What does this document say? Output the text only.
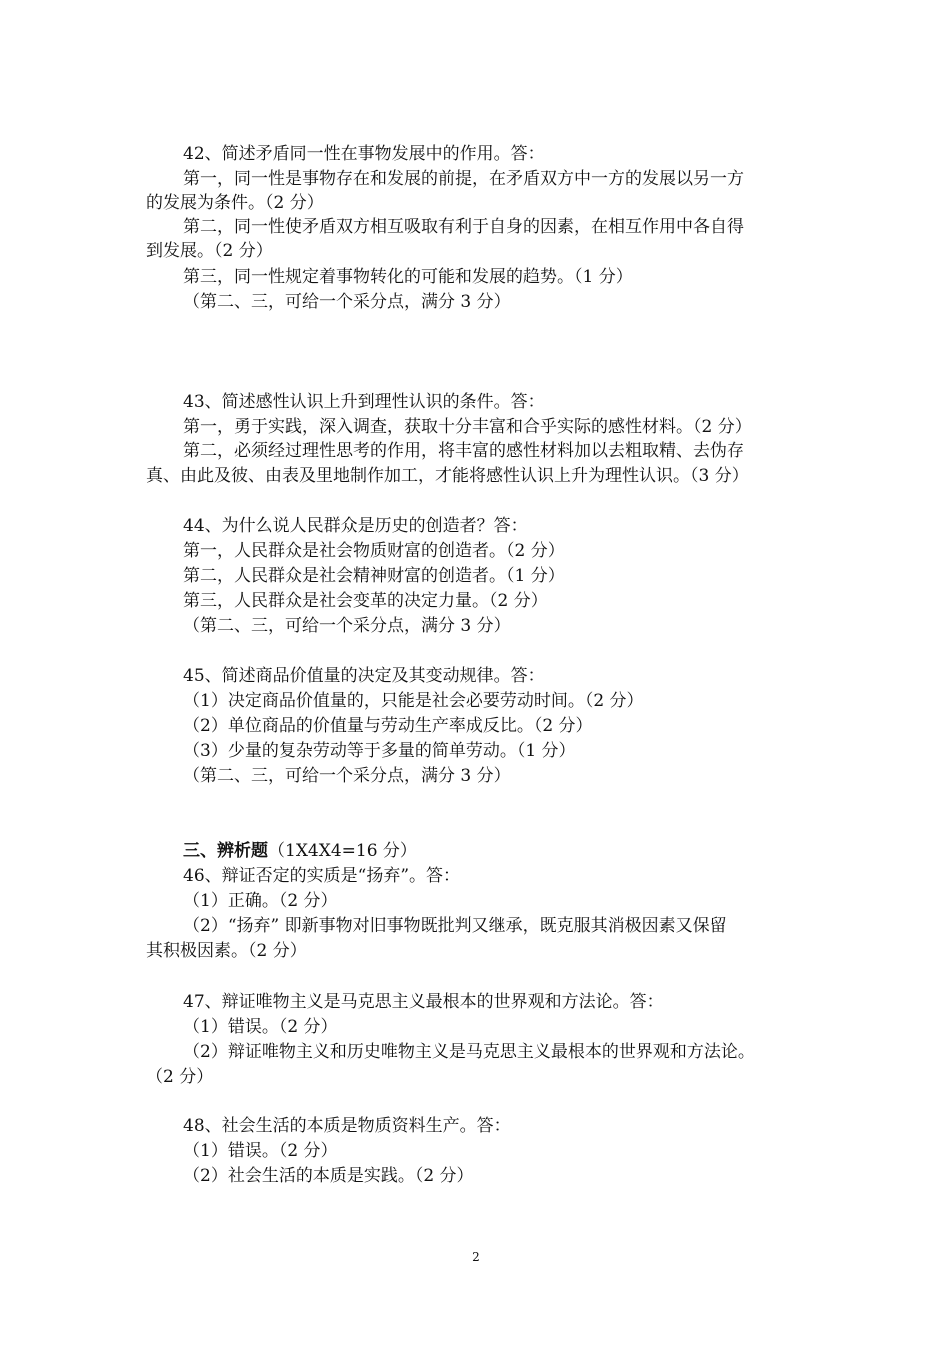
42、简述矛盾同一性在事物发展中的作用。答：
第一，同一性是事物存在和发展的前提，在矛盾双方中一方的发展以另一方
的发展为条件。（2 分）
第二，同一性使矛盾双方相互吸取有利于自身的因素，在相互作用中各自得
到发展。（2 分）
第三，同一性规定着事物转化的可能和发展的趋势。（1 分）
（第二、三，可给一个采分点，满分 3 分）
43、简述感性认识上升到理性认识的条件。答：
第一，勇于实践，深入调查，获取十分丰富和合乎实际的感性材料。（2 分）
第二，必须经过理性思考的作用，将丰富的感性材料加以去粗取精、去伪存
真、由此及彼、由表及里地制作加工，才能将感性认识上升为理性认识。（3 分）
44、为什么说人民群众是历史的创造者？答：
第一，人民群众是社会物质财富的创造者。（2 分）
第二，人民群众是社会精神财富的创造者。（1 分）
第三，人民群众是社会变革的决定力量。（2 分）
（第二、三，可给一个采分点，满分 3 分）
45、简述商品价值量的决定及其变动规律。答：
（1）决定商品价值量的，只能是社会必要劳动时间。（2 分）
（2）单位商品的价值量与劳动生产率成反比。（2 分）
（3）少量的复杂劳动等于多量的简单劳动。（1 分）
（第二、三，可给一个采分点，满分 3 分）
三、辨析题（1X4X4=16 分）
46、辩证否定的实质是“扬弃”。答：
（1）正确。（2 分）
（2）“扬弃” 即新事物对旧事物既批判又继承，既克服其消极因素又保留
其积极因素。（2 分）
47、辩证唯物主义是马克思主义最根本的世界观和方法论。答：
（1）错误。（2 分）
（2）辩证唯物主义和历史唯物主义是马克思主义最根本的世界观和方法论。
（2 分）
48、社会生活的本质是物质资料生产。答：
（1）错误。（2 分）
（2）社会生活的本质是实践。（2 分）
2
